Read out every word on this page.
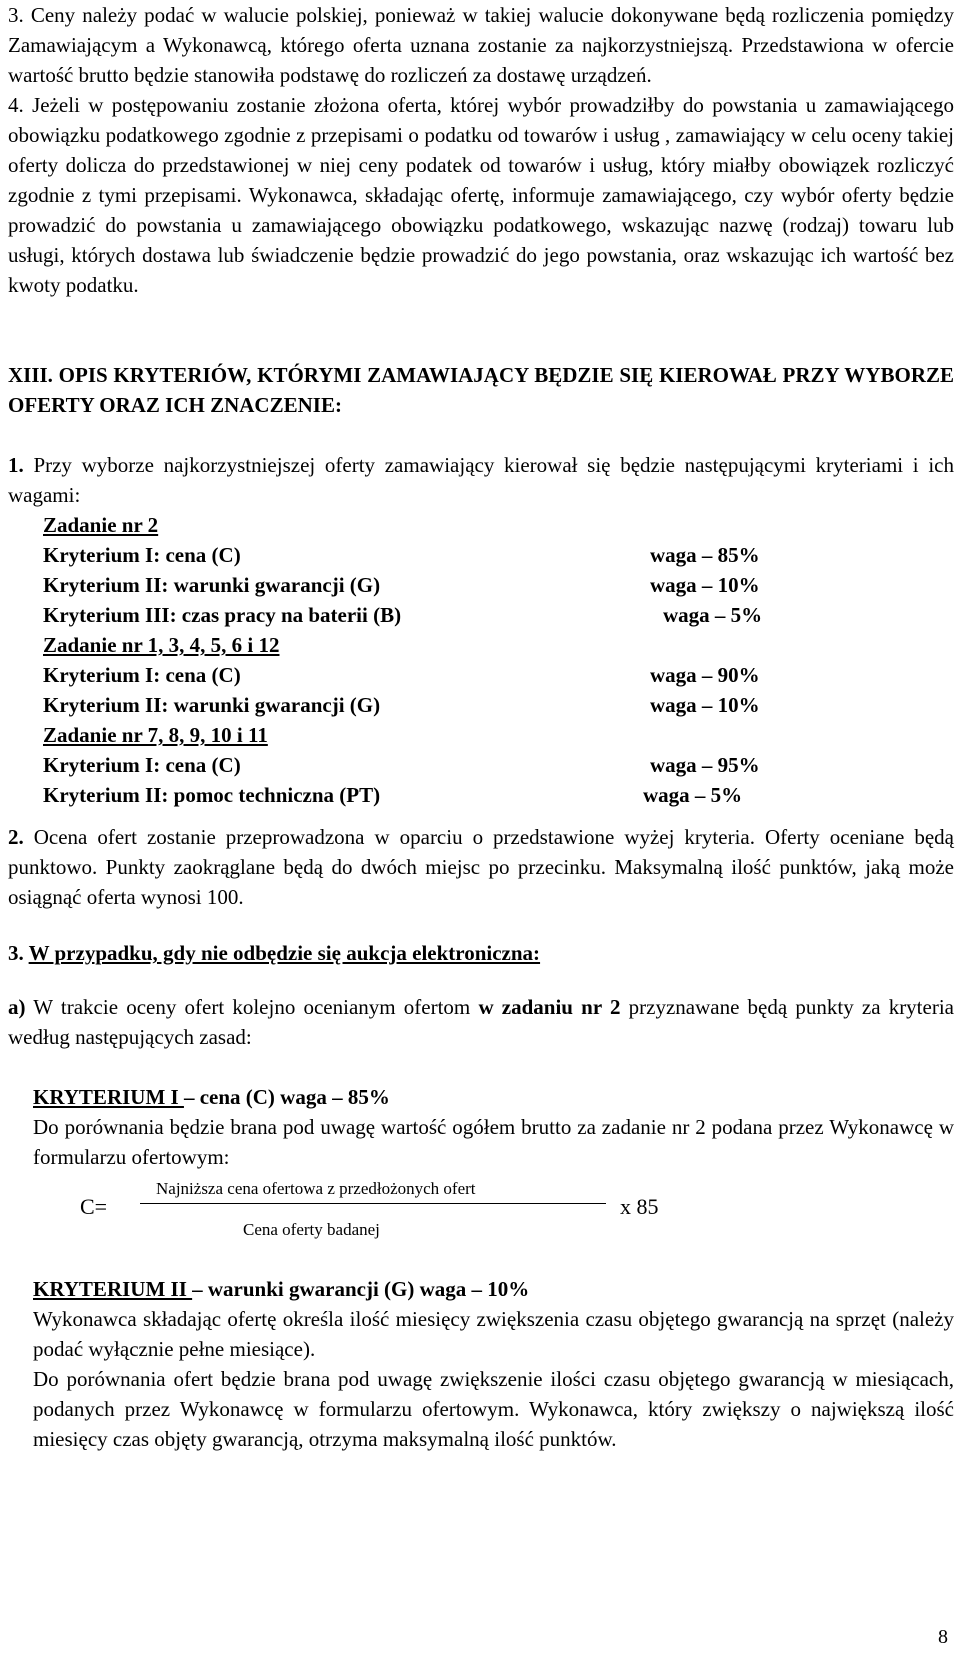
3. Ceny należy podać w walucie polskiej, ponieważ w takiej walucie dokonywane będą rozliczenia pomiędzy Zamawiającym a Wykonawcą, którego oferta uznana zostanie za najkorzystniejszą. Przedstawiona w ofercie wartość brutto będzie stanowiła podstawę do rozliczeń za dostawę urządzeń.

4. Jeżeli w postępowaniu zostanie złożona oferta, której wybór prowadziłby do powstania u zamawiającego obowiązku podatkowego zgodnie z przepisami o podatku od towarów i usług , zamawiający w celu oceny takiej oferty dolicza do przedstawionej w niej ceny podatek od towarów i usług, który miałby obowiązek rozliczyć zgodnie z tymi przepisami. Wykonawca, składając ofertę, informuje zamawiającego, czy wybór oferty będzie prowadzić do powstania u zamawiającego obowiązku podatkowego, wskazując nazwę (rodzaj) towaru lub usługi, których dostawa lub świadczenie będzie prowadzić do jego powstania, oraz wskazując ich wartość bez kwoty podatku.

XIII. OPIS KRYTERIÓW, KTÓRYMI ZAMAWIAJĄCY BĘDZIE SIĘ KIEROWAŁ PRZY WYBORZE OFERTY ORAZ ICH ZNACZENIE:

1. Przy wyborze najkorzystniejszej oferty zamawiający kierował się będzie następującymi kryteriami i ich wagami:

Zadanie nr 2
Kryterium I: cena (C)	waga – 85%
Kryterium II: warunki gwarancji (G)	waga – 10%
Kryterium III: czas pracy na baterii (B)	waga – 5%
Zadanie nr 1, 3, 4, 5, 6 i 12
Kryterium I: cena (C)	waga – 90%
Kryterium II: warunki gwarancji (G)	waga – 10%
Zadanie nr 7, 8, 9, 10 i 11
Kryterium I: cena (C)	waga – 95%
Kryterium II: pomoc techniczna (PT)	waga – 5%

2. Ocena ofert zostanie przeprowadzona w oparciu o przedstawione wyżej kryteria. Oferty oceniane będą punktowo. Punkty zaokrąglane będą do dwóch miejsc po przecinku. Maksymalną ilość punktów, jaką może osiągnąć oferta wynosi 100.

3. W przypadku, gdy nie odbędzie się aukcja elektroniczna:

a) W trakcie oceny ofert kolejno ocenianym ofertom w zadaniu nr 2 przyznawane będą punkty za kryteria według następujących zasad:

KRYTERIUM I – cena (C) waga – 85%

Do porównania będzie brana pod uwagę wartość ogółem brutto za zadanie nr 2 podana przez Wykonawcę w formularzu ofertowym:

C=
Najniższa cena ofertowa z przedłożonych ofert
Cena oferty badanej
x 85

KRYTERIUM II – warunki gwarancji (G) waga – 10%

Wykonawca składając ofertę określa ilość miesięcy zwiększenia czasu objętego gwarancją na sprzęt (należy podać wyłącznie pełne miesiące).

Do porównania ofert będzie brana pod uwagę zwiększenie ilości czasu objętego gwarancją w miesiącach, podanych przez Wykonawcę w formularzu ofertowym. Wykonawca, który zwiększy o największą ilość miesięcy czas objęty gwarancją, otrzyma maksymalną ilość punktów.

8
